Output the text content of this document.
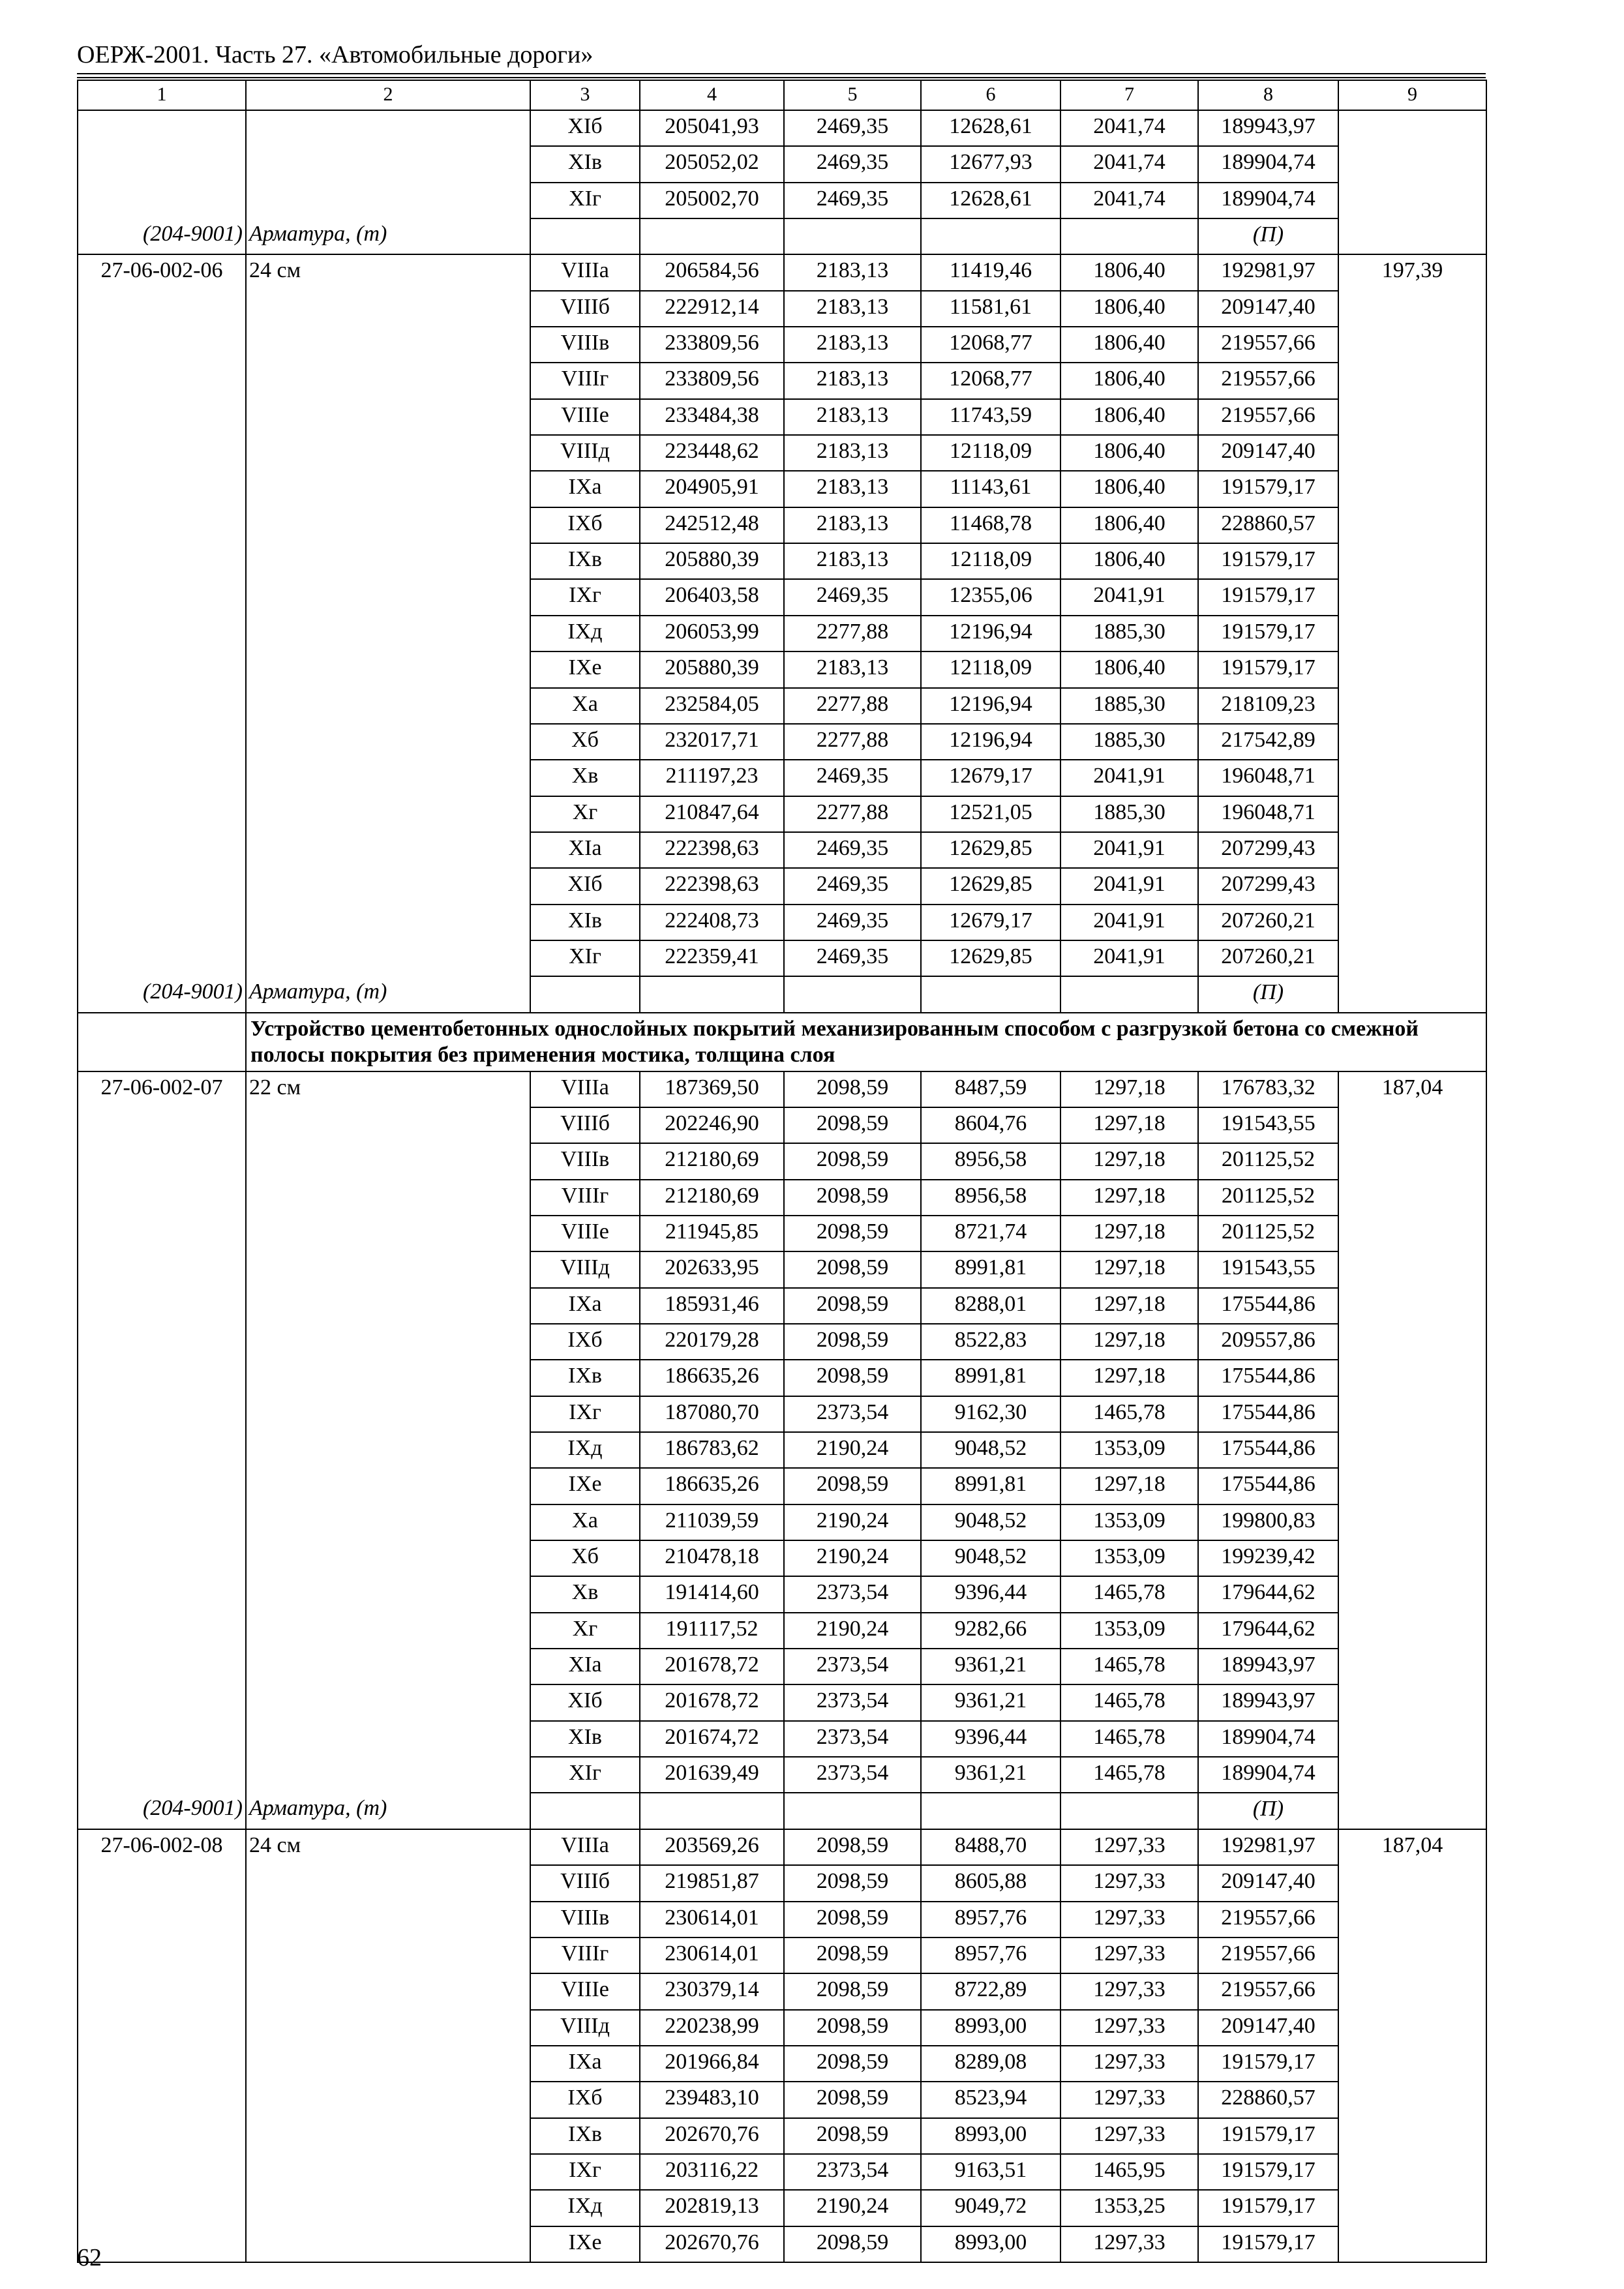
ОЕРЖ-2001. Часть 27. «Автомобильные дороги»
1	2	3	4	5	6	7	8	9
		XIб	205041,93	2469,35	12628,61	2041,74	189943,97	
		XIв	205052,02	2469,35	12677,93	2041,74	189904,74	
		XIг	205002,70	2469,35	12628,61	2041,74	189904,74	
(204-9001)	Арматура, (т)						(П)	
27-06-002-06	24 см	VIIIа	206584,56	2183,13	11419,46	1806,40	192981,97	197,39
		VIIIб	222912,14	2183,13	11581,61	1806,40	209147,40	
		VIIIв	233809,56	2183,13	12068,77	1806,40	219557,66	
		VIIIг	233809,56	2183,13	12068,77	1806,40	219557,66	
		VIIIе	233484,38	2183,13	11743,59	1806,40	219557,66	
		VIIIд	223448,62	2183,13	12118,09	1806,40	209147,40	
		IXа	204905,91	2183,13	11143,61	1806,40	191579,17	
		IXб	242512,48	2183,13	11468,78	1806,40	228860,57	
		IXв	205880,39	2183,13	12118,09	1806,40	191579,17	
		IXг	206403,58	2469,35	12355,06	2041,91	191579,17	
		IXд	206053,99	2277,88	12196,94	1885,30	191579,17	
		IXе	205880,39	2183,13	12118,09	1806,40	191579,17	
		Xа	232584,05	2277,88	12196,94	1885,30	218109,23	
		Xб	232017,71	2277,88	12196,94	1885,30	217542,89	
		Xв	211197,23	2469,35	12679,17	2041,91	196048,71	
		Xг	210847,64	2277,88	12521,05	1885,30	196048,71	
		XIа	222398,63	2469,35	12629,85	2041,91	207299,43	
		XIб	222398,63	2469,35	12629,85	2041,91	207299,43	
		XIв	222408,73	2469,35	12679,17	2041,91	207260,21	
		XIг	222359,41	2469,35	12629,85	2041,91	207260,21	
(204-9001)	Арматура, (т)						(П)	
	Устройство цементобетонных однослойных покрытий механизированным способом с разгрузкой бетона со смежной полосы покрытия без применения мостика, толщина слоя							
27-06-002-07	22 см	VIIIа	187369,50	2098,59	8487,59	1297,18	176783,32	187,04
		VIIIб	202246,90	2098,59	8604,76	1297,18	191543,55	
		VIIIв	212180,69	2098,59	8956,58	1297,18	201125,52	
		VIIIг	212180,69	2098,59	8956,58	1297,18	201125,52	
		VIIIе	211945,85	2098,59	8721,74	1297,18	201125,52	
		VIIIд	202633,95	2098,59	8991,81	1297,18	191543,55	
		IXа	185931,46	2098,59	8288,01	1297,18	175544,86	
		IXб	220179,28	2098,59	8522,83	1297,18	209557,86	
		IXв	186635,26	2098,59	8991,81	1297,18	175544,86	
		IXг	187080,70	2373,54	9162,30	1465,78	175544,86	
		IXд	186783,62	2190,24	9048,52	1353,09	175544,86	
		IXе	186635,26	2098,59	8991,81	1297,18	175544,86	
		Xа	211039,59	2190,24	9048,52	1353,09	199800,83	
		Xб	210478,18	2190,24	9048,52	1353,09	199239,42	
		Xв	191414,60	2373,54	9396,44	1465,78	179644,62	
		Xг	191117,52	2190,24	9282,66	1353,09	179644,62	
		XIа	201678,72	2373,54	9361,21	1465,78	189943,97	
		XIб	201678,72	2373,54	9361,21	1465,78	189943,97	
		XIв	201674,72	2373,54	9396,44	1465,78	189904,74	
		XIг	201639,49	2373,54	9361,21	1465,78	189904,74	
(204-9001)	Арматура, (т)						(П)	
27-06-002-08	24 см	VIIIа	203569,26	2098,59	8488,70	1297,33	192981,97	187,04
		VIIIб	219851,87	2098,59	8605,88	1297,33	209147,40	
		VIIIв	230614,01	2098,59	8957,76	1297,33	219557,66	
		VIIIг	230614,01	2098,59	8957,76	1297,33	219557,66	
		VIIIе	230379,14	2098,59	8722,89	1297,33	219557,66	
		VIIIд	220238,99	2098,59	8993,00	1297,33	209147,40	
		IXа	201966,84	2098,59	8289,08	1297,33	191579,17	
		IXб	239483,10	2098,59	8523,94	1297,33	228860,57	
		IXв	202670,76	2098,59	8993,00	1297,33	191579,17	
		IXг	203116,22	2373,54	9163,51	1465,95	191579,17	
		IXд	202819,13	2190,24	9049,72	1353,25	191579,17	
		IXе	202670,76	2098,59	8993,00	1297,33	191579,17	
62
